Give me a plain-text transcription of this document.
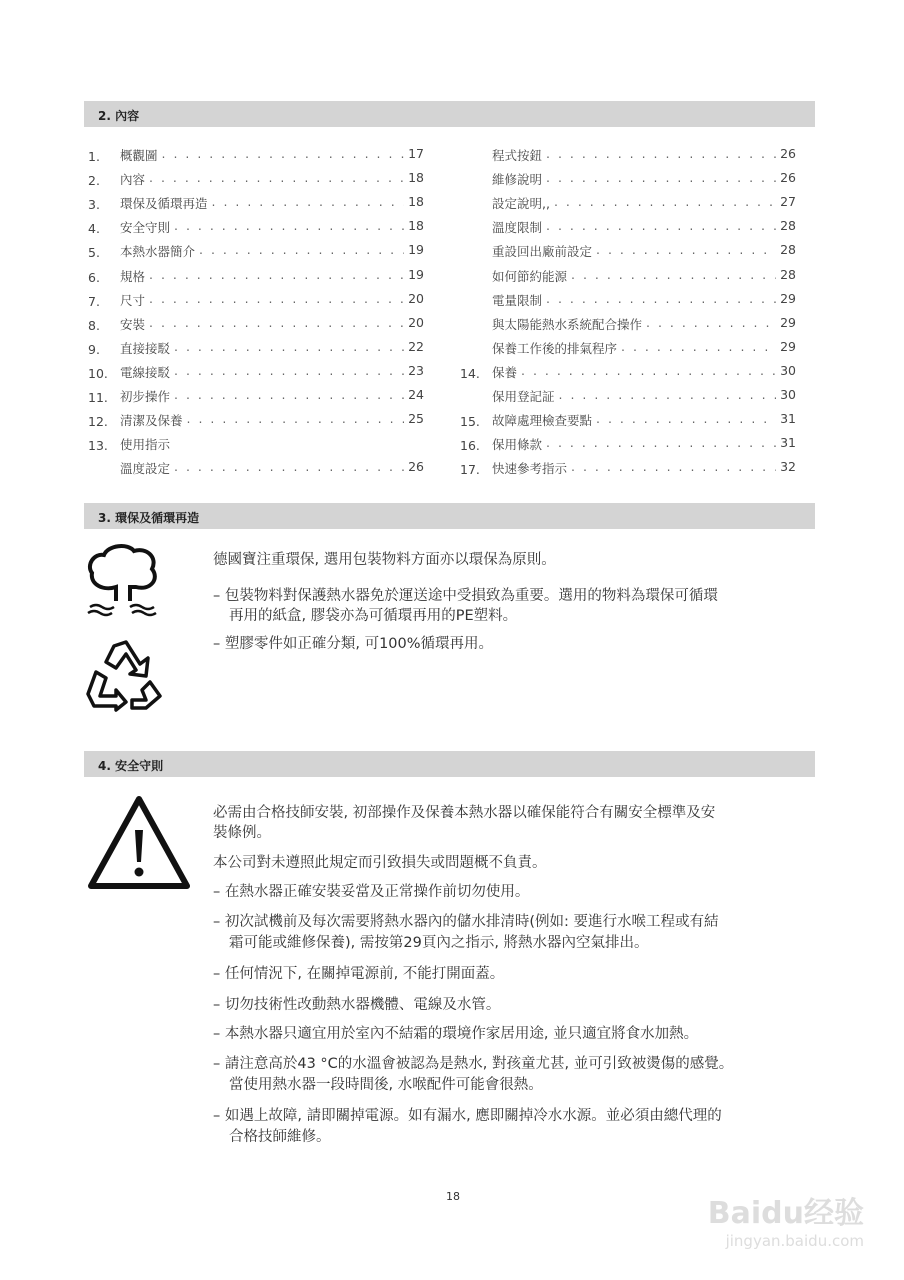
2. 內容
1. 概觀圖 . . .	17
2. 內容 . . .	18
3. 環保及循環再造 . . .	18
4. 安全守則 . . .	18
5. 本熱水器簡介 . . .	19
6. 規格 . . .	19
7. 尺寸 . . .	20
8. 安裝 . . .	20
9. 直接接駁 . . .	22
10. 電線接駁 . . .	23
11. 初步操作 . . .	24
12. 清潔及保養 . . .	25
13. 使用指示
溫度設定 . . .	26
程式按鈕 . . .	26
維修說明 . . .	26
設定說明,, . . .	27
溫度限制 . . .	28
重設回出廠前設定 . . .	28
如何節約能源 . . .	28
電量限制 . . .	29
與太陽能熱水系統配合操作 . . .	29
保養工作後的排氣程序 . . .	29
14. 保養 . . .	30
保用登記証 . . .	30
15. 故障處理檢查要點 . . .	31
16. 保用條款 . . .	31
17. 快速參考指示 . . .	32
3. 環保及循環再造
德國寶注重環保, 選用包裝物料方面亦以環保為原則。
– 包裝物料對保護熱水器免於運送途中受損致為重要。選用的物料為環保可循環
再用的紙盒, 膠袋亦為可循環再用的PE塑料。
– 塑膠零件如正確分類, 可100%循環再用。
4. 安全守則
必需由合格技師安裝, 初部操作及保養本熱水器以確保能符合有關安全標準及安
裝條例。
本公司對未遵照此規定而引致損失或問題概不負責。
– 在熱水器正確安裝妥當及正常操作前切勿使用。
– 初次試機前及每次需要將熱水器內的儲水排清時(例如: 要進行水喉工程或有結
霜可能或維修保養), 需按第29頁內之指示, 將熱水器內空氣排出。
– 任何情況下, 在關掉電源前, 不能打開面蓋。
– 切勿技術性改動熱水器機體、電線及水管。
– 本熱水器只適宜用於室內不結霜的環境作家居用途, 並只適宜將食水加熱。
– 請注意高於43 °C的水溫會被認為是熱水, 對孩童尤甚, 並可引致被燙傷的感覺。
當使用熱水器一段時間後, 水喉配件可能會很熱。
– 如遇上故障, 請即關掉電源。如有漏水, 應即關掉冷水水源。並必須由總代理的
合格技師維修。
18	Baidu经验
jingyan.baidu.com
